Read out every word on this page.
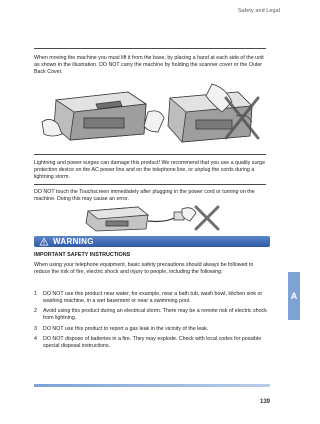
Safety and Legal
A

When moving the machine you must lift it from the base, by placing a hand at each side of the unit as shown in the illustration. DO NOT carry the machine by holding the scanner cover or the Outer Back Cover.

Lightning and power surges can damage this product! We recommend that you use a quality surge protection device on the AC power line and on the telephone line, or unplug the cords during a lightning storm.

DO NOT touch the Touchscreen immediately after plugging in the power cord or turning on the machine. Doing this may cause an error.

WARNING
IMPORTANT SAFETY INSTRUCTIONS

When using your telephone equipment, basic safety precautions should always be followed to reduce the risk of fire, electric shock and injury to people, including the following:

1	DO NOT use this product near water, for example, near a bath tub, wash bowl, kitchen sink or washing machine, in a wet basement or near a swimming pool.
2	Avoid using this product during an electrical storm. There may be a remote risk of electric shock from lightning.
3	DO NOT use this product to report a gas leak in the vicinity of the leak.
4	DO NOT dispose of batteries in a fire. They may explode. Check with local codes for possible special disposal instructions.
139
